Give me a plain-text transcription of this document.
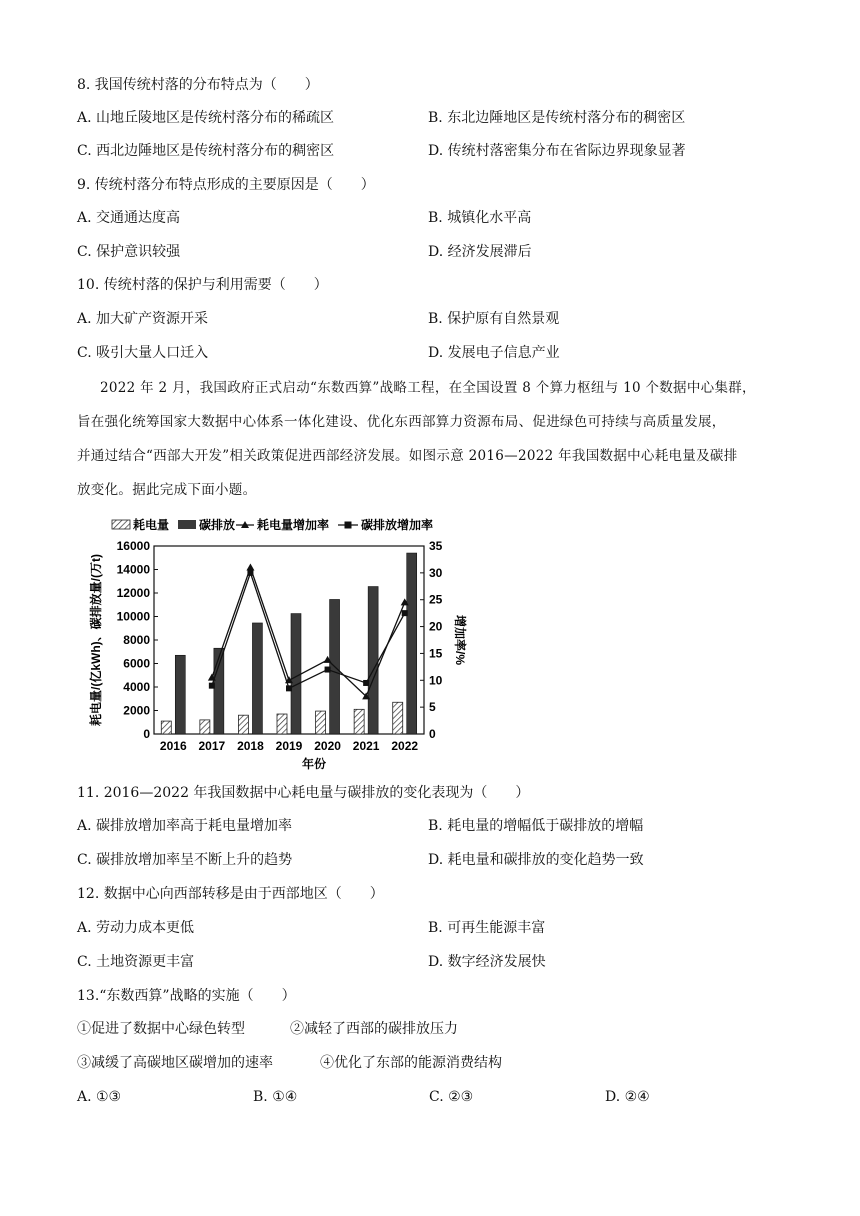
8. 我国传统村落的分布特点为（　　）
A. 山地丘陵地区是传统村落分布的稀疏区	B. 东北边陲地区是传统村落分布的稠密区
C. 西北边陲地区是传统村落分布的稠密区	D. 传统村落密集分布在省际边界现象显著
9. 传统村落分布特点形成的主要原因是（　　）
A. 交通通达度高	B. 城镇化水平高
C. 保护意识较强	D. 经济发展滞后
10. 传统村落的保护与利用需要（　　）
A. 加大矿产资源开采	B. 保护原有自然景观
C. 吸引大量人口迁入	D. 发展电子信息产业
2022 年 2 月，我国政府正式启动“东数西算”战略工程，在全国设置 8 个算力枢纽与 10 个数据中心集群，
旨在强化统筹国家大数据中心体系一体化建设、优化东西部算力资源布局、促进绿色可持续与高质量发展，
并通过结合“西部大开发”相关政策促进西部经济发展。如图示意 2016—2022 年我国数据中心耗电量及碳排
放变化。据此完成下面小题。
耗电量 碳排放 耗电量增加率	碳排放增加率
耗电量/(亿kWh)、碳排放量/(万t)	增加率/%
年份
0
2000
4000
6000
8000
10000
12000
14000
16000
0
5
10
15
20
25
30
35
2016 2017 2018 2019 2020 2021 2022
11. 2016—2022 年我国数据中心耗电量与碳排放的变化表现为（　　）
A. 碳排放增加率高于耗电量增加率	B. 耗电量的增幅低于碳排放的增幅
C. 碳排放增加率呈不断上升的趋势	D. 耗电量和碳排放的变化趋势一致
12. 数据中心向西部转移是由于西部地区（　　）
A. 劳动力成本更低	B. 可再生能源丰富
C. 土地资源更丰富	D. 数字经济发展快
13.“东数西算”战略的实施（　　）
①促进了数据中心绿色转型	②减轻了西部的碳排放压力
③减缓了高碳地区碳增加的速率	④优化了东部的能源消费结构
A. ①③	B. ①④	C. ②③	D. ②④
